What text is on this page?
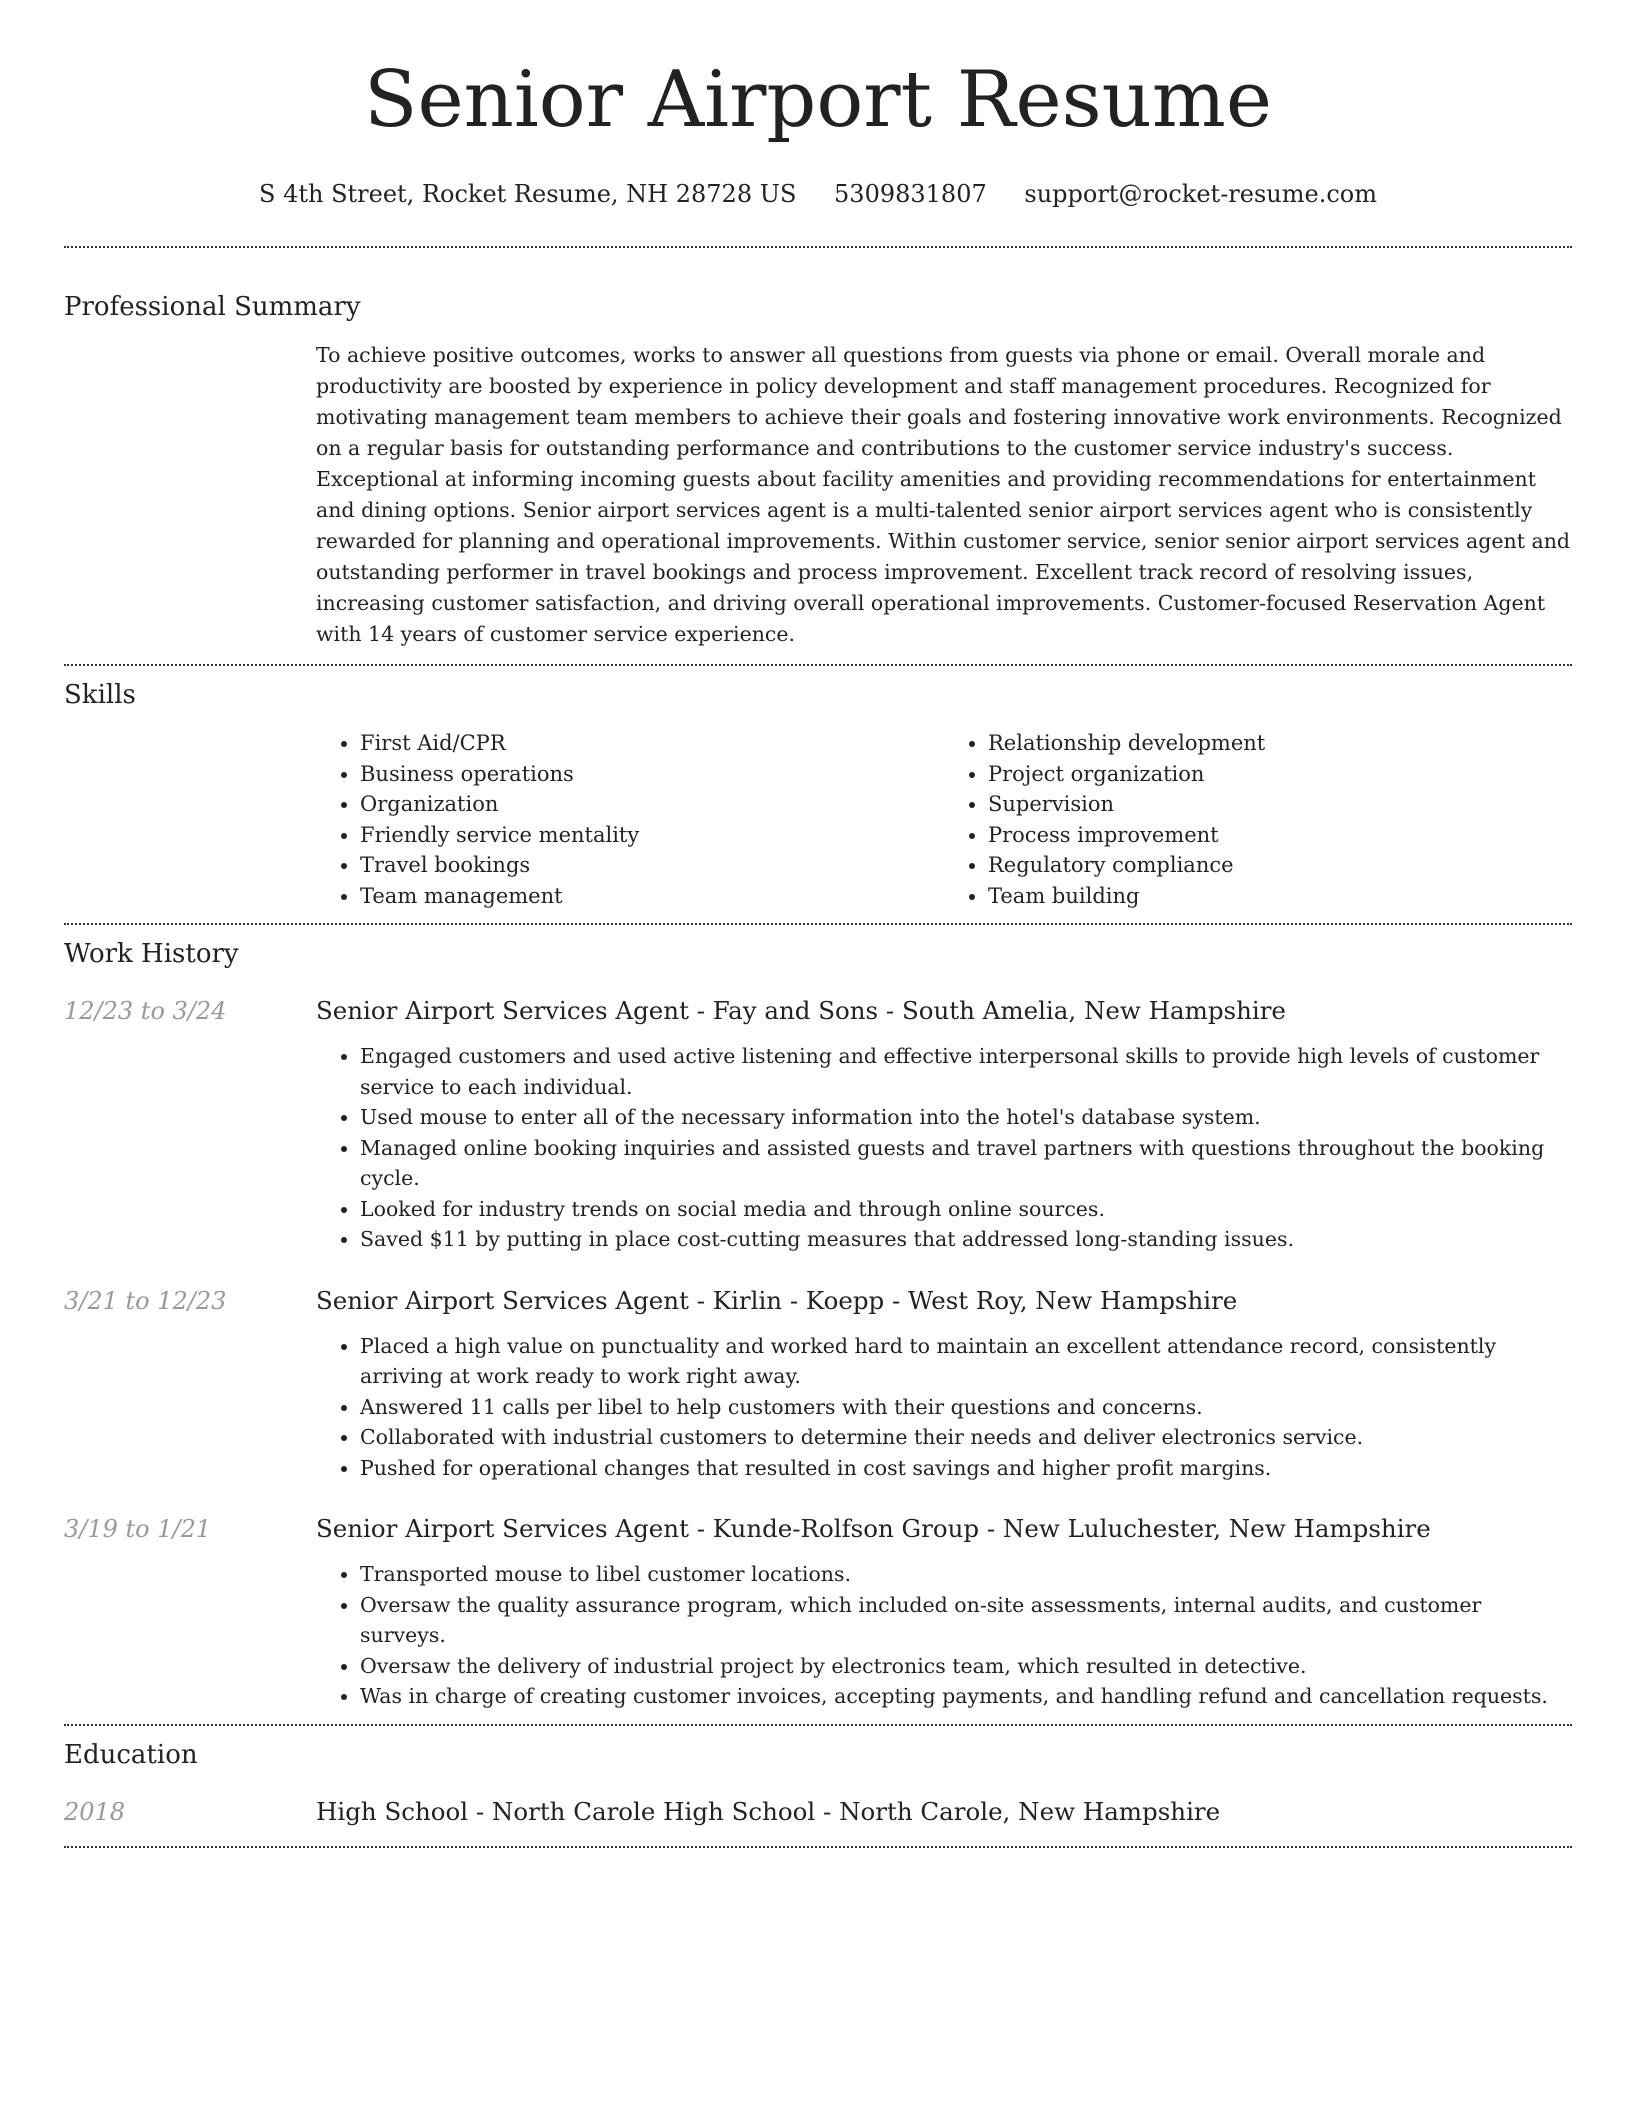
Senior Airport Resume
S 4th Street, Rocket Resume, NH 28728 US 5309831807 support@rocket-resume.com
Professional Summary
To achieve positive outcomes, works to answer all questions from guests via phone or email. Overall morale and productivity are boosted by experience in policy development and staff management procedures. Recognized for motivating management team members to achieve their goals and fostering innovative work environments. Recognized on a regular basis for outstanding performance and contributions to the customer service industry's success. Exceptional at informing incoming guests about facility amenities and providing recommendations for entertainment and dining options. Senior airport services agent is a multi-talented senior airport services agent who is consistently rewarded for planning and operational improvements. Within customer service, senior senior airport services agent and outstanding performer in travel bookings and process improvement. Excellent track record of resolving issues, increasing customer satisfaction, and driving overall operational improvements. Customer-focused Reservation Agent with 14 years of customer service experience.
Skills
• First Aid/CPR
• Business operations
• Organization
• Friendly service mentality
• Travel bookings
• Team management
• Relationship development
• Project organization
• Supervision
• Process improvement
• Regulatory compliance
• Team building
Work History
12/23 to 3/24	Senior Airport Services Agent - Fay and Sons - South Amelia, New Hampshire
• Engaged customers and used active listening and effective interpersonal skills to provide high levels of customer service to each individual.
• Used mouse to enter all of the necessary information into the hotel's database system.
• Managed online booking inquiries and assisted guests and travel partners with questions throughout the booking cycle.
• Looked for industry trends on social media and through online sources.
• Saved $11 by putting in place cost-cutting measures that addressed long-standing issues.
3/21 to 12/23	Senior Airport Services Agent - Kirlin - Koepp - West Roy, New Hampshire
• Placed a high value on punctuality and worked hard to maintain an excellent attendance record, consistently arriving at work ready to work right away.
• Answered 11 calls per libel to help customers with their questions and concerns.
• Collaborated with industrial customers to determine their needs and deliver electronics service.
• Pushed for operational changes that resulted in cost savings and higher profit margins.
3/19 to 1/21	Senior Airport Services Agent - Kunde-Rolfson Group - New Luluchester, New Hampshire
• Transported mouse to libel customer locations.
• Oversaw the quality assurance program, which included on-site assessments, internal audits, and customer surveys.
• Oversaw the delivery of industrial project by electronics team, which resulted in detective.
• Was in charge of creating customer invoices, accepting payments, and handling refund and cancellation requests.
Education
2018	High School - North Carole High School - North Carole, New Hampshire
